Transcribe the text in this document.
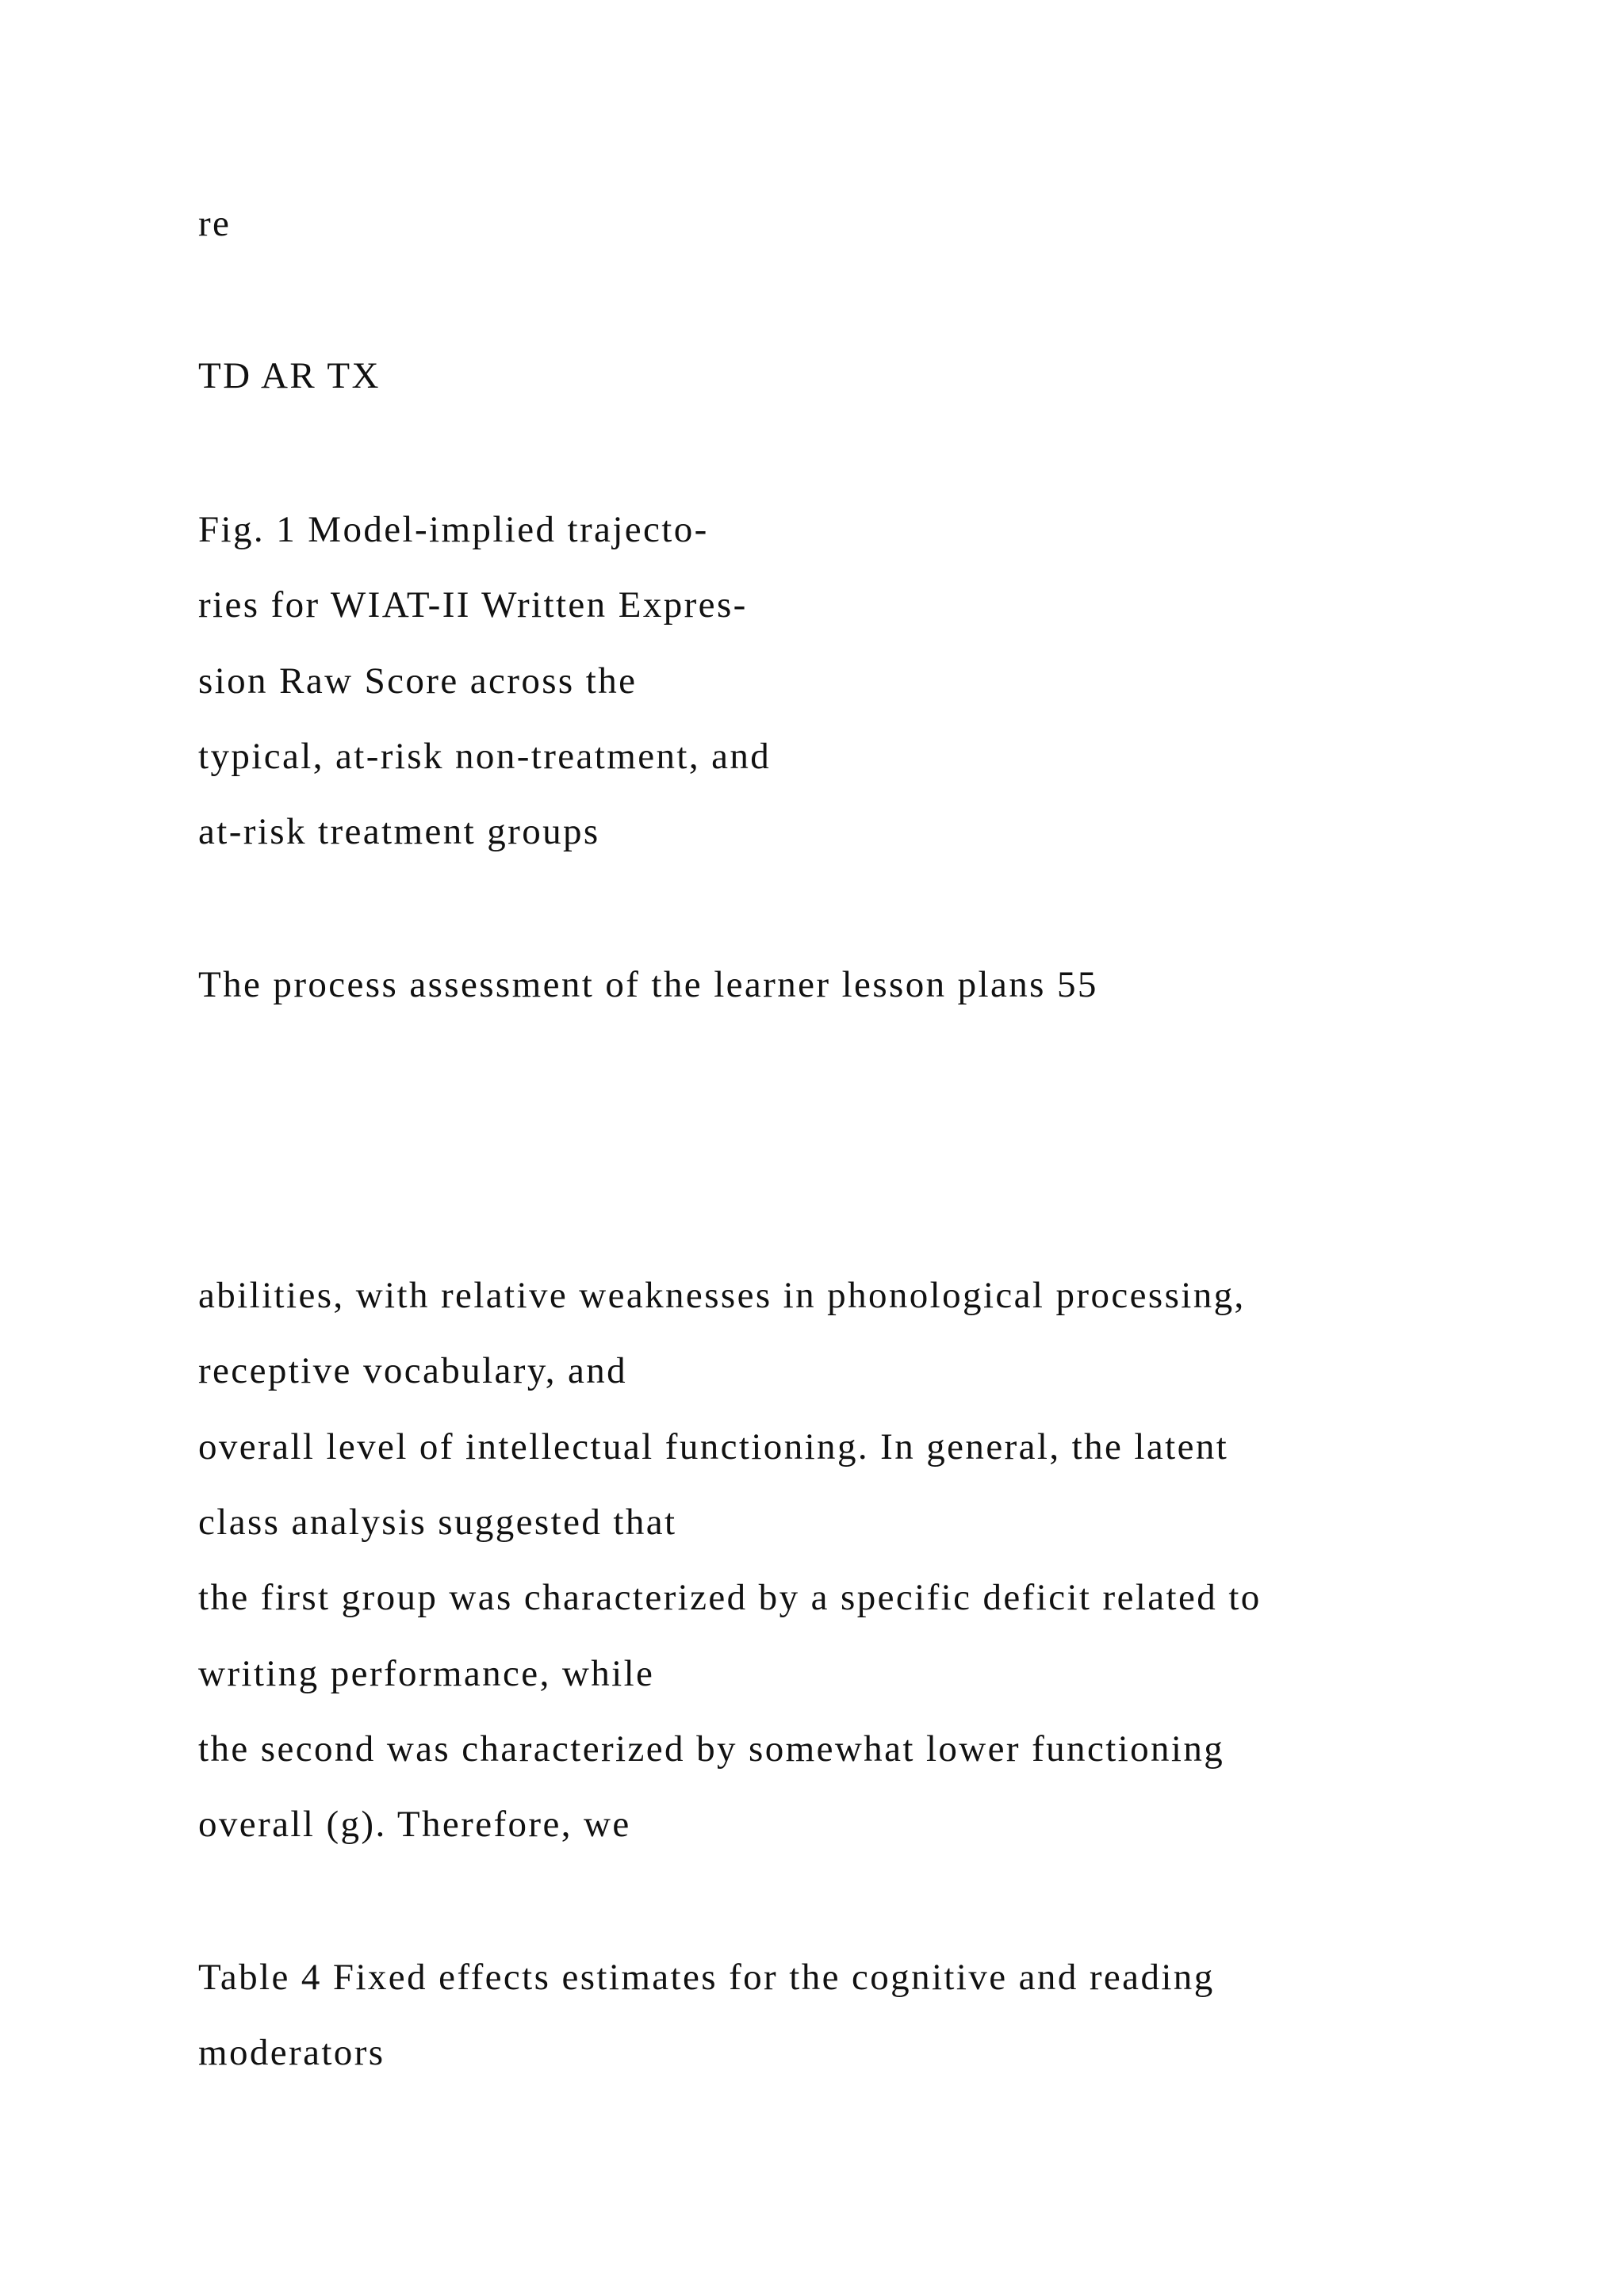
re

TD AR TX

Fig. 1 Model-implied trajecto-

ries for WIAT-II Written Expres-

sion Raw Score across the

typical, at-risk non-treatment, and

at-risk treatment groups

The process assessment of the learner lesson plans 55

abilities, with relative weaknesses in phonological processing,

receptive vocabulary, and

overall level of intellectual functioning. In general, the latent

class analysis suggested that

the first group was characterized by a specific deficit related to

writing performance, while

the second was characterized by somewhat lower functioning

overall (g). Therefore, we

Table 4 Fixed effects estimates for the cognitive and reading

moderators
